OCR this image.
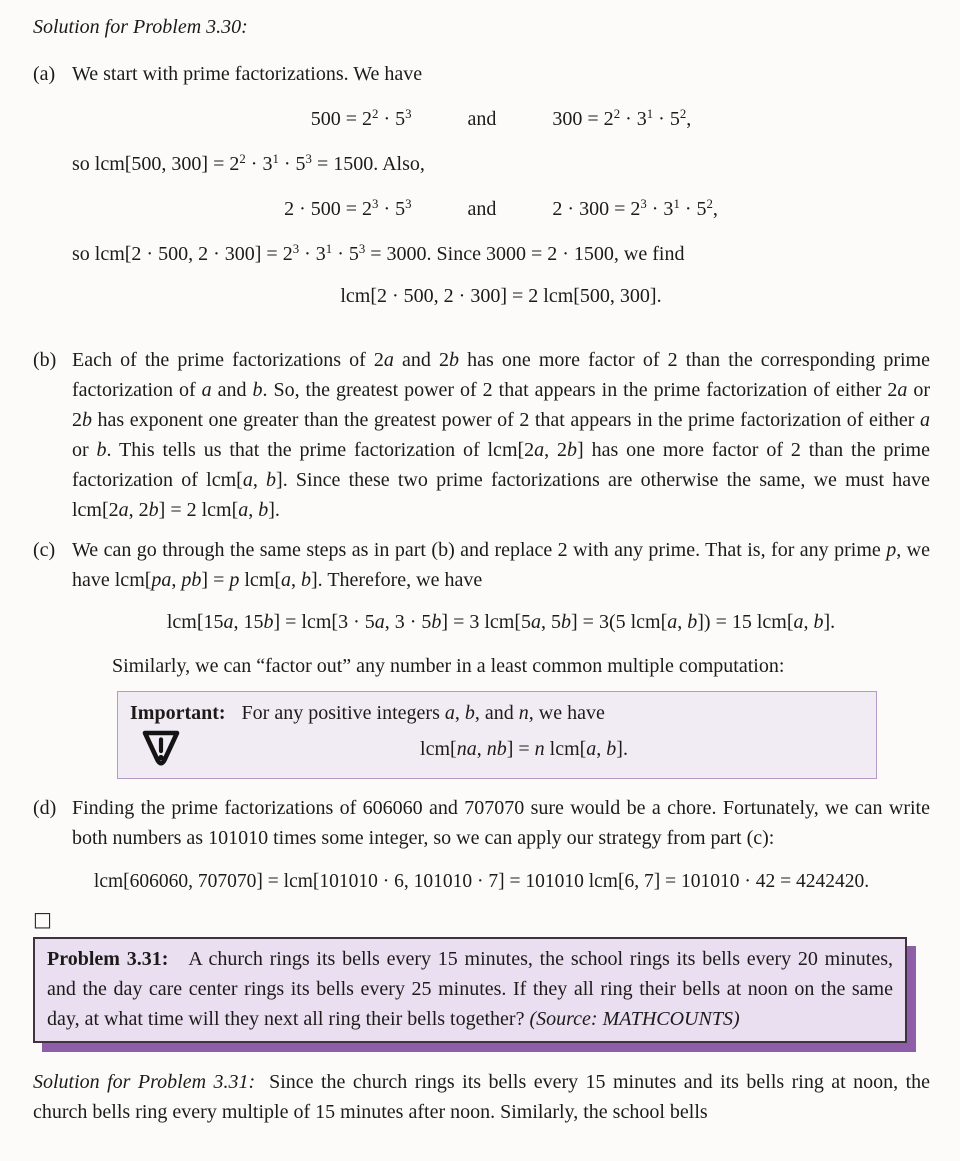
Solution for Problem 3.30:

(a) We start with prime factorizations. We have

$500 = 2^2 \cdot 5^3$	and	$300 = 2^2 \cdot 3^1 \cdot 5^2$,

so lcm[500, $300] = 2^2 \cdot 3^1 \cdot 5^3 = 1500$. Also,

$2 \cdot 500 = 2^3 \cdot 5^3$	and	$2 \cdot 300 = 2^3 \cdot 3^1 \cdot 5^2$,

so lcm[2 · 500, $2 \cdot 300] = 2^3 \cdot 3^1 \cdot 5^3 = 3000$. Since 3000 = 2 · 1500, we find

lcm[2 · 500, 2 · 300] = 2 lcm[500, 300].

(b) Each of the prime factorizations of 2a and 2b has one more factor of 2 than the corresponding prime factorization of a and b. So, the greatest power of 2 that appears in the prime factorization of either 2a or 2b has exponent one greater than the greatest power of 2 that appears in the prime factorization of either a or b. This tells us that the prime factorization of lcm[2a, 2b] has one more factor of 2 than the prime factorization of lcm[a, b]. Since these two prime factorizations are otherwise the same, we must have lcm[2a, 2b] = 2 lcm[a, b].

(c) We can go through the same steps as in part (b) and replace 2 with any prime. That is, for any prime p, we have lcm[pa, pb] = p lcm[a, b]. Therefore, we have

lcm[15a, 15b] = lcm[3 · 5a, 3 · 5b] = 3 lcm[5a, 5b] = 3(5 lcm[a, b]) = 15 lcm[a, b].

Similarly, we can “factor out” any number in a least common multiple computation:

Important: For any positive integers a, b, and n, we have

lcm[na, nb] = n lcm[a, b].
(d) Finding the prime factorizations of 606060 and 707070 sure would be a chore. Fortunately, we can write both numbers as 101010 times some integer, so we can apply our strategy from part (c):

lcm[606060, 707070] = lcm[101010 · 6, 101010 · 7] = 101010 lcm[6, 7] = 101010 · 42 = 4242420.

□

Problem 3.31: A church rings its bells every 15 minutes, the school rings its bells every 20 minutes, and the day care center rings its bells every 25 minutes. If they all ring their bells at noon on the same day, at what time will they next all ring their bells together? (Source: MATHCOUNTS)

Solution for Problem 3.31: Since the church rings its bells every 15 minutes and its bells ring at noon, the church bells ring every multiple of 15 minutes after noon. Similarly, the school bells
